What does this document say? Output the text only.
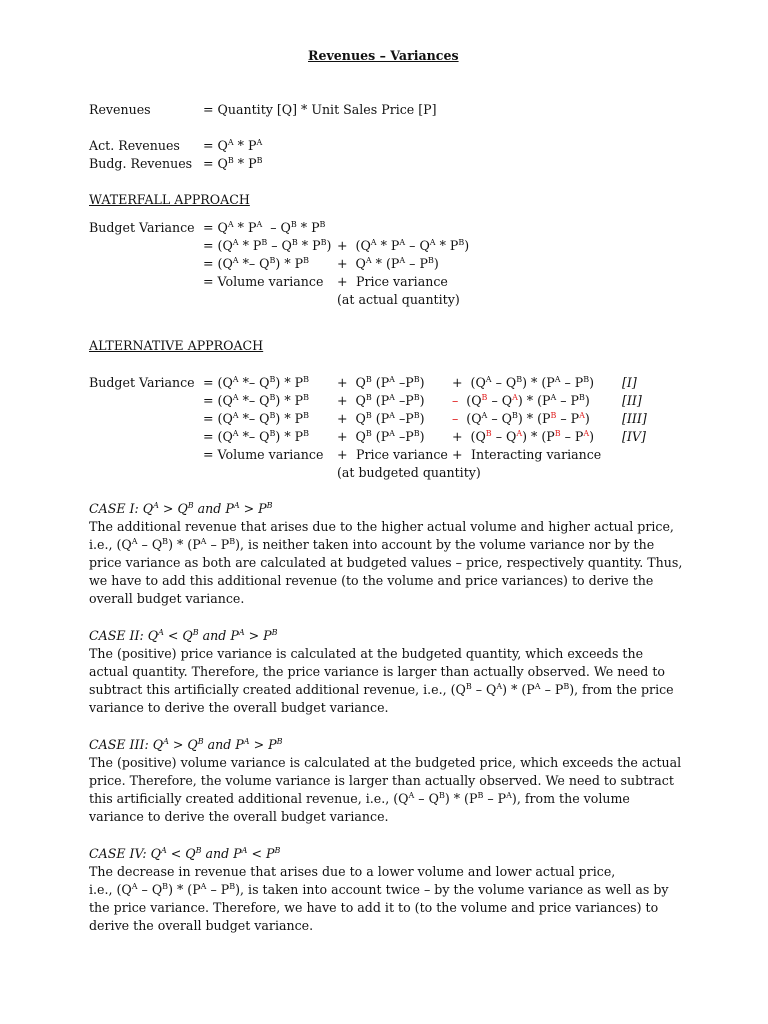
Revenues – Variances
Revenues	= Quantity [Q] * Unit Sales Price [P]
Act. Revenues = $Q^A * P^A$
Budg. Revenues = $Q^B * P^B$
WATERFALL APPROACH
Budget Variance = $Q^A * P^A - Q^B * P^B$
= $(Q^A * P^B - Q^B * P^B) + (Q^A * P^A - Q^A * P^B)$
= $(Q^A *- Q^B) * P^B + Q^A * (P^A - P^B)$
= Volume variance + Price variance
(at actual quantity)
ALTERNATIVE APPROACH
Budget Variance = $(Q^A *- Q^B) * P^B + Q^B$ ($P^A$ $-P^B) + (Q^A - Q^B) * (P^A - P^B)$ [I]
= $(Q^A *- Q^B) * P^B + Q^B$ ($P^A$ $-P^B) - (Q^B - Q^A) * (P^A - P^B)$	[II]
= $(Q^A *- Q^B) * P^B + Q^B$ ($P^A$ $-P^B) - (Q^A - Q^B) * (P^B - P^A)$	[III]
= $(Q^A *- Q^B) * P^B + Q^B$ ($P^A$ $-P^B) + (Q^B - Q^A) * (P^B - P^A)$ [IV]
= Volume variance + Price variance + Interacting variance
(at budgeted quantity)
CASE I: $Q^A > Q^B$ and $P^A > P^B$
The additional revenue that arises due to the higher actual volume and higher actual price,
i.e., $(Q^A - Q^B) * (P^A - P^B)$, is neither taken into account by the volume variance nor by the
price variance as both are calculated at budgeted values – price, respectively quantity. Thus,
we have to add this additional revenue (to the volume and price variances) to derive the
overall budget variance.
CASE II: $Q^A < Q^B$ and $P^A > P^B$
The (positive) price variance is calculated at the budgeted quantity, which exceeds the
actual quantity. Therefore, the price variance is larger than actually observed. We need to
subtract this artificially created additional revenue, i.e., $(Q^B - Q^A) * (P^A - P^B)$, from the price
variance to derive the overall budget variance.
CASE III: $Q^A > Q^B$ and $P^A > P^B$
The (positive) volume variance is calculated at the budgeted price, which exceeds the actual
price. Therefore, the volume variance is larger than actually observed. We need to subtract
this artificially created additional revenue, i.e., $(Q^A - Q^B) * (P^B - P^A)$, from the volume
variance to derive the overall budget variance.
CASE IV: $Q^A < Q^B$ and $P^A < P^B$
The decrease in revenue that arises due to a lower volume and lower actual price,
i.e., $(Q^A - Q^B) * (P^A - P^B)$, is taken into account twice – by the volume variance as well as by
the price variance. Therefore, we have to add it to (to the volume and price variances) to
derive the overall budget variance.
